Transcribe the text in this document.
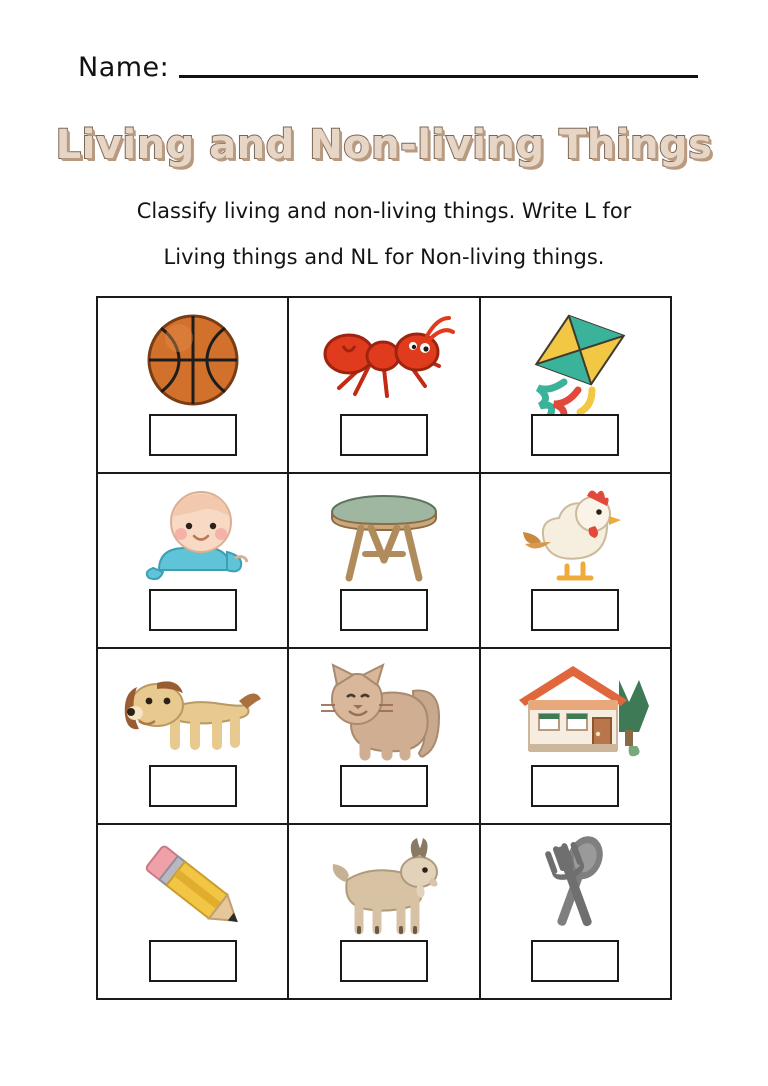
Name:
Living and Non-living Things
Classify living and non-living things. Write L for
Living things and NL for Non-living things.
